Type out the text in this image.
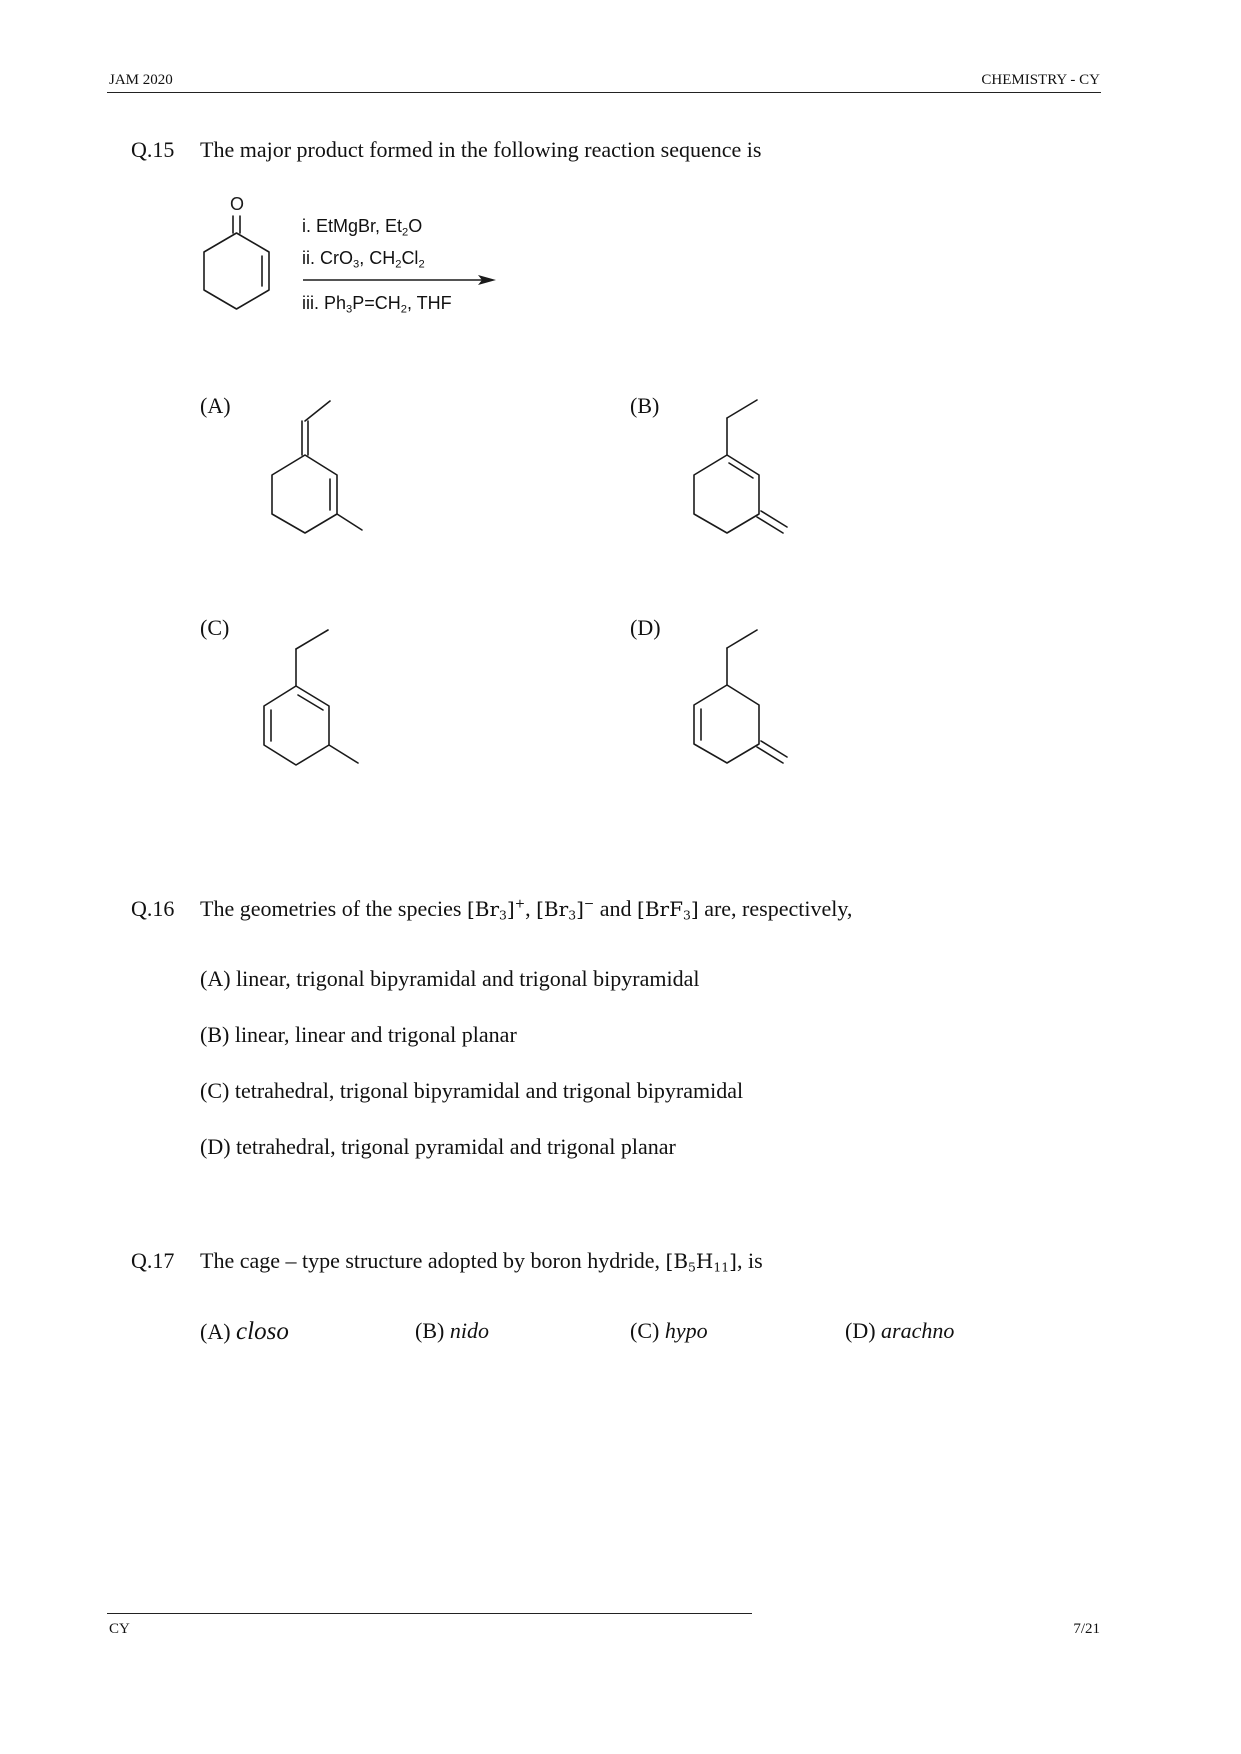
JAM 2020	CHEMISTRY - CY
Q.15 The major product formed in the following reaction sequence is
O
i. EtMgBr, $Et_2O$
ii. CrO$_3$, $CH_2Cl_2$
iii. $Ph_3P=CH_2$, THF
(A)	(B)
(C)	(D)
Q.16 The geometries of the species $[Br_3]^+$, $[Br_3]^-$ and [BrF$_3$] are, respectively,
(A) linear, trigonal bipyramidal and trigonal bipyramidal
(B) linear, linear and trigonal planar
(C) tetrahedral, trigonal bipyramidal and trigonal bipyramidal
(D) tetrahedral, trigonal pyramidal and trigonal planar
Q.17 The cage – type structure adopted by boron hydride, $[B_5H_{11}]$, is
(A) closo	(B) nido	(C) hypo	(D) arachno
CY	7/21
